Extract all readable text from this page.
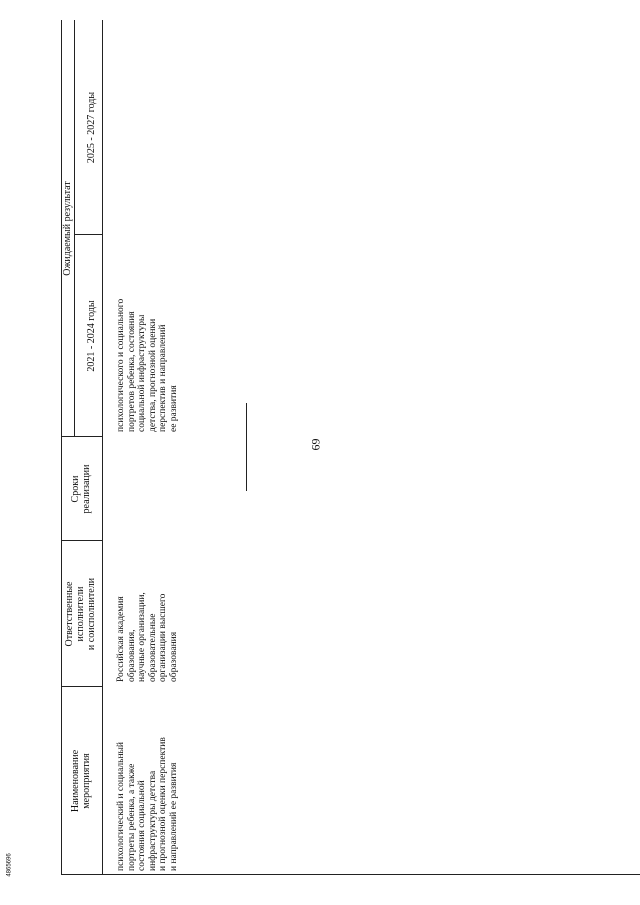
69
4865696
Наименование
мероприятия
Ответственные
исполнители
и соисполнители
Сроки
реализации
Ожидаемый результат
2021 - 2024 годы
2025 - 2027 годы
психологический и социальный
портреты ребенка, а также
состояния социальной
инфраструктуры детства
и прогнозной оценки перспектив
и направлений ее развития
Российская академия
образования,
научные организации,
образовательные
организации высшего
образования
психологического и социального
портретов ребенка, состояния
социальной инфраструктуры
детства, прогнозной оценки
перспектив и направлений
ее развития
